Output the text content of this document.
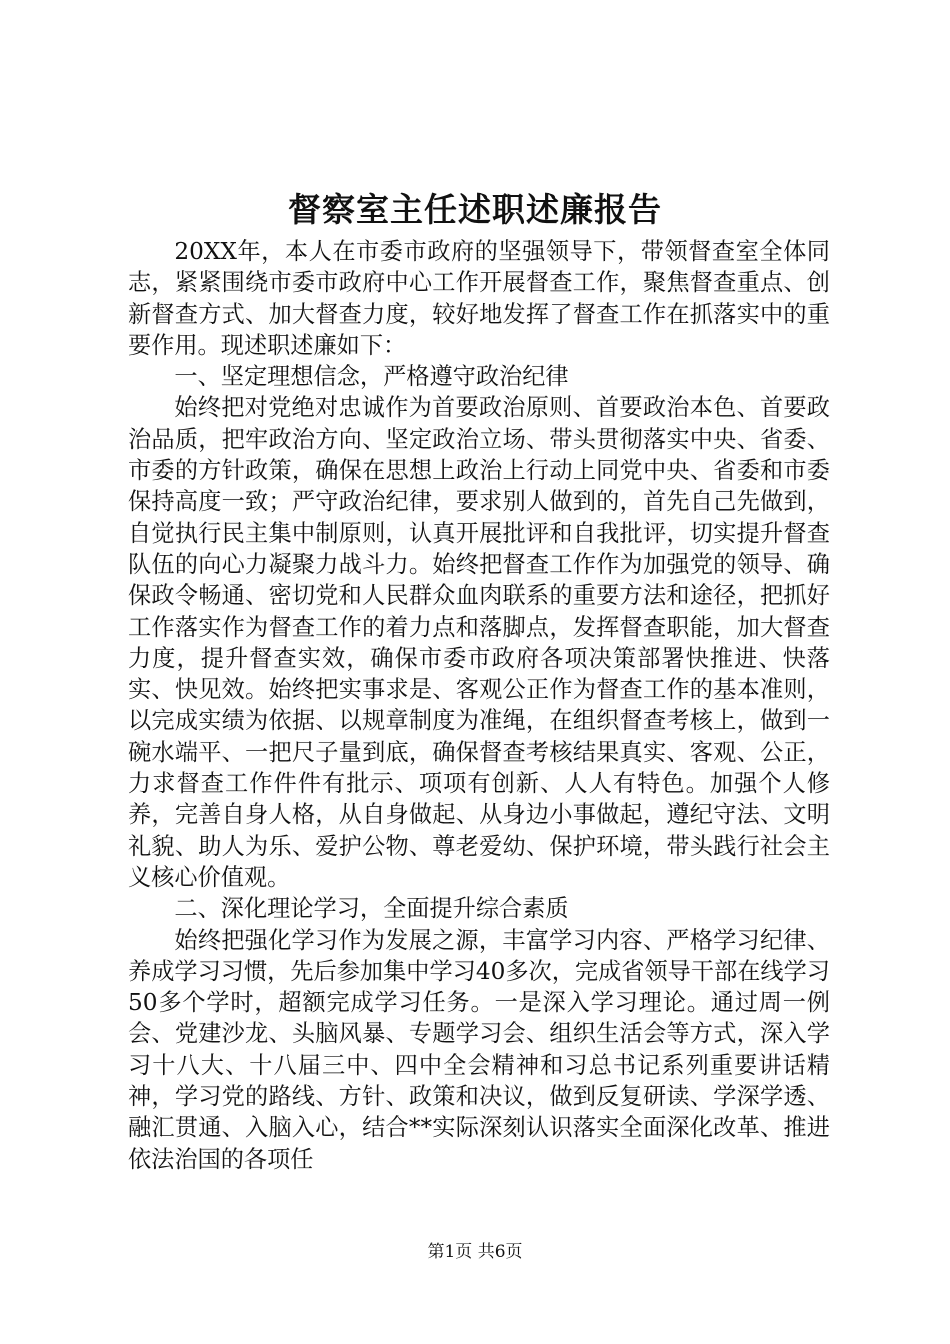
督察室主任述职述廉报告

20XX年，本人在市委市政府的坚强领导下，带领督查室全体同志，紧紧围绕市委市政府中心工作开展督查工作，聚焦督查重点、创新督查方式、加大督查力度，较好地发挥了督查工作在抓落实中的重要作用。现述职述廉如下：

一、坚定理想信念，严格遵守政治纪律

始终把对党绝对忠诚作为首要政治原则、首要政治本色、首要政治品质，把牢政治方向、坚定政治立场、带头贯彻落实中央、省委、市委的方针政策，确保在思想上政治上行动上同党中央、省委和市委保持高度一致；严守政治纪律，要求别人做到的，首先自己先做到，自觉执行民主集中制原则，认真开展批评和自我批评，切实提升督查队伍的向心力凝聚力战斗力。始终把督查工作作为加强党的领导、确保政令畅通、密切党和人民群众血肉联系的重要方法和途径，把抓好工作落实作为督查工作的着力点和落脚点，发挥督查职能，加大督查力度，提升督查实效，确保市委市政府各项决策部署快推进、快落实、快见效。始终把实事求是、客观公正作为督查工作的基本准则，以完成实绩为依据、以规章制度为准绳，在组织督查考核上，做到一碗水端平、一把尺子量到底，确保督查考核结果真实、客观、公正，力求督查工作件件有批示、项项有创新、人人有特色。加强个人修养，完善自身人格，从自身做起、从身边小事做起，遵纪守法、文明礼貌、助人为乐、爱护公物、尊老爱幼、保护环境，带头践行社会主义核心价值观。

二、深化理论学习，全面提升综合素质

始终把强化学习作为发展之源，丰富学习内容、严格学习纪律、养成学习习惯，先后参加集中学习40多次，完成省领导干部在线学习50多个学时，超额完成学习任务。一是深入学习理论。通过周一例会、党建沙龙、头脑风暴、专题学习会、组织生活会等方式，深入学习十八大、十八届三中、四中全会精神和习总书记系列重要讲话精神，学习党的路线、方针、政策和决议，做到反复研读、学深学透、融汇贯通、入脑入心，结合**实际深刻认识落实全面深化改革、推进依法治国的各项任

第1页 共6页
